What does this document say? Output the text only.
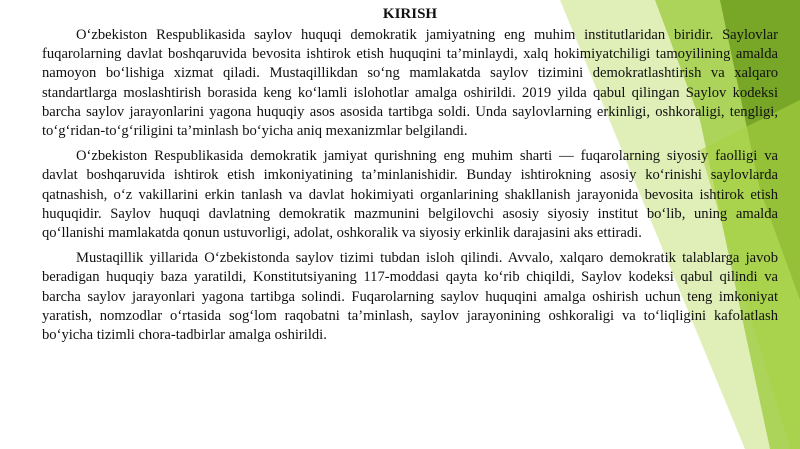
KIRISH

O‘zbekiston Respublikasida saylov huquqi demokratik jamiyatning eng muhim institutlaridan biridir. Saylovlar fuqarolarning davlat boshqaruvida bevosita ishtirok etish huquqini ta’minlaydi, xalq hokimiyatchiligi tamoyilining amalda namoyon bo‘lishiga xizmat qiladi. Mustaqillikdan so‘ng mamlakatda saylov tizimini demokratlashtirish va xalqaro standartlarga moslashtirish borasida keng ko‘lamli islohotlar amalga oshirildi. 2019 yilda qabul qilingan Saylov kodeksi barcha saylov jarayonlarini yagona huquqiy asos asosida tartibga soldi. Unda saylovlarning erkinligi, oshkoraligi, tengligi, to‘g‘ridan-to‘g‘riligini ta’minlash bo‘yicha aniq mexanizmlar belgilandi.

O‘zbekiston Respublikasida demokratik jamiyat qurishning eng muhim sharti — fuqarolarning siyosiy faolligi va davlat boshqaruvida ishtirok etish imkoniyatining ta’minlanishidir. Bunday ishtirokning asosiy ko‘rinishi saylovlarda qatnashish, o‘z vakillarini erkin tanlash va davlat hokimiyati organlarining shakllanish jarayonida bevosita ishtirok etish huquqidir. Saylov huquqi davlatning demokratik mazmunini belgilovchi asosiy siyosiy institut bo‘lib, uning amalda qo‘llanishi mamlakatda qonun ustuvorligi, adolat, oshkoralik va siyosiy erkinlik darajasini aks ettiradi.

Mustaqillik yillarida O‘zbekistonda saylov tizimi tubdan isloh qilindi. Avvalo, xalqaro demokratik talablarga javob beradigan huquqiy baza yaratildi, Konstitutsiyaning 117-moddasi qayta ko‘rib chiqildi, Saylov kodeksi qabul qilindi va barcha saylov jarayonlari yagona tartibga solindi. Fuqarolarning saylov huquqini amalga oshirish uchun teng imkoniyat yaratish, nomzodlar o‘rtasida sog‘lom raqobatni ta’minlash, saylov jarayonining oshkoraligi va to‘liqligini kafolatlash bo‘yicha tizimli chora-tadbirlar amalga oshirildi.
